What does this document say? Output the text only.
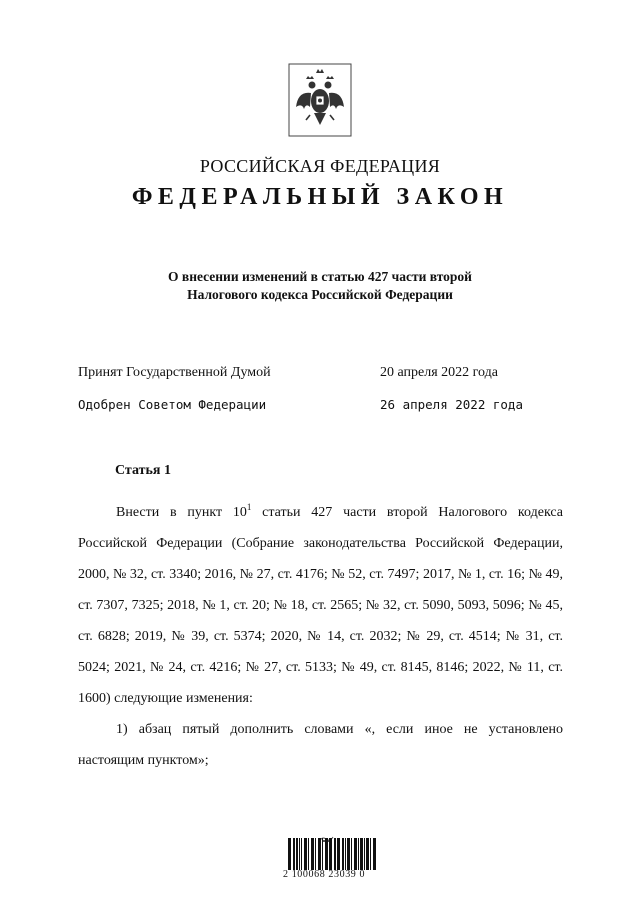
РОССИЙСКАЯ ФЕДЕРАЦИЯ
ФЕДЕРАЛЬНЫЙ ЗАКОН
О внесении изменений в статью 427 части второй
Налогового кодекса Российской Федерации
Принят Государственной Думой	20 апреля 2022 года
Одобрен Советом Федерации	26 апреля 2022 года
Статья 1

Внести в пункт $10^1$ статьи 427 части второй Налогового кодекса Российской Федерации (Собрание законодательства Российской Федерации, 2000, № 32, ст. 3340; 2016, № 27, ст. 4176; № 52, ст. 7497; 2017, № 1, ст. 16; № 49, ст. 7307, 7325; 2018, № 1, ст. 20; № 18, ст. 2565; № 32, ст. 5090, 5093, 5096; № 45, ст. 6828; 2019, № 39, ст. 5374; 2020, № 14, ст. 2032; № 29, ст. 4514; № 31, ст. 5024; 2021, № 24, ст. 4216; № 27, ст. 5133; № 49, ст. 8145, 8146; 2022, № 11, ст. 1600) следующие изменения:

1) абзац пятый дополнить словами «, если иное не установлено настоящим пунктом»;

2 100068 23039 0
